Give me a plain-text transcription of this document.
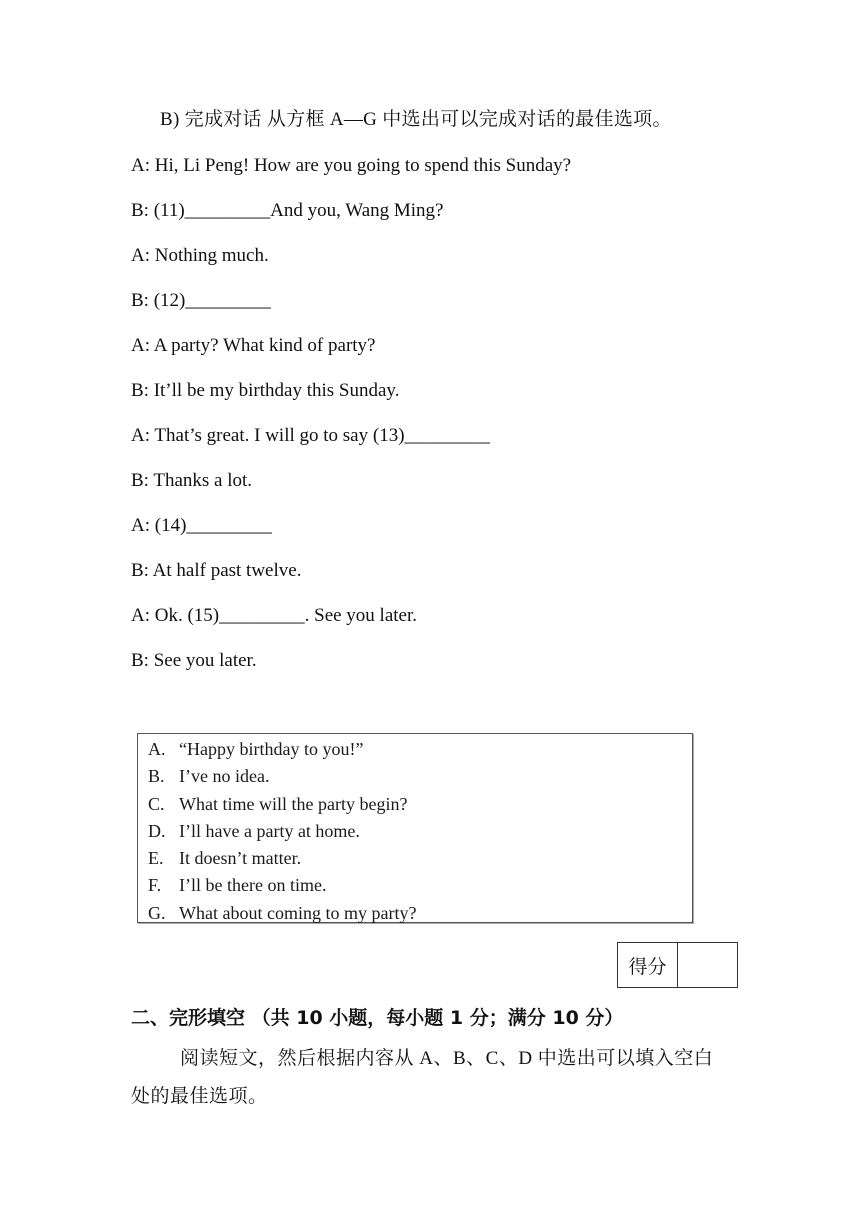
B) 完成对话 从方框 A—G 中选出可以完成对话的最佳选项。
A: Hi, Li Peng! How are you going to spend this Sunday?
B: (11)_________And you, Wang Ming?
A: Nothing much.
B: (12)_________
A: A party? What kind of party?
B: It’ll be my birthday this Sunday.
A: That’s great. I will go to say (13)_________
B: Thanks a lot.
A: (14)_________
B: At half past twelve.
A: Ok. (15)_________. See you later.
B: See you later.
A. “Happy birthday to you!”
B. I’ve no idea.
C. What time will the party begin?
D. I’ll have a party at home.
E. It doesn’t matter.
F. I’ll be there on time.
G. What about coming to my party?
得分
二、完形填空 （共 10 小题，每小题 1 分；满分 10 分）
阅读短文，然后根据内容从 A、B、C、D 中选出可以填入空白
处的最佳选项。
